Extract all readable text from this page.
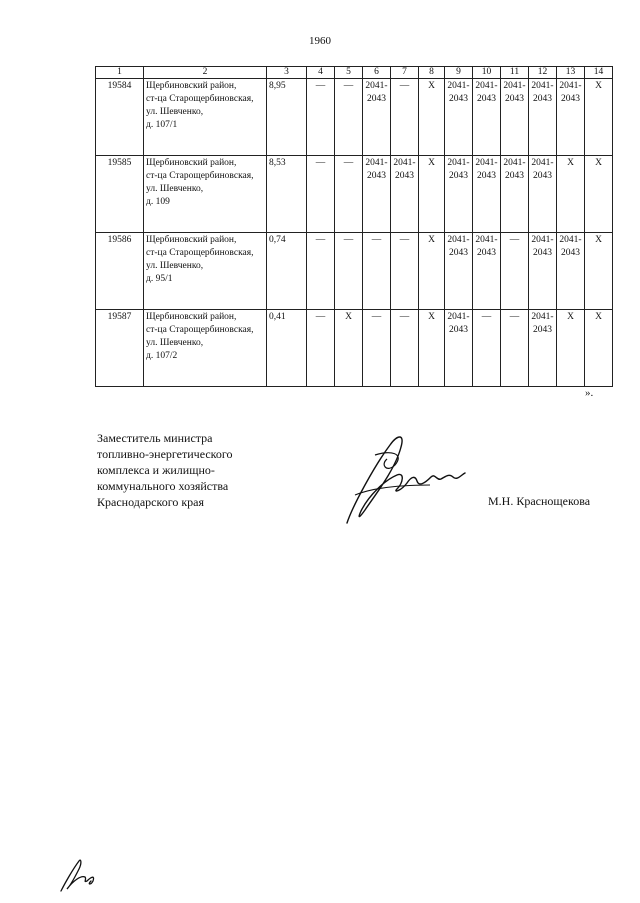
1960
1	2	3	4	5	6	7	8	9	10	11	12	13	14
19584	Щербиновский район,
ст-ца Старощербиновская,
ул. Шевченко,
д. 107/1	8,95	—	—	2041-
2043	—	X	2041-
2043	2041-
2043	2041-
2043	2041-
2043	2041-
2043	X

19585	Щербиновский район,
ст-ца Старощербиновская,
ул. Шевченко,
д. 109	8,53	—	—	2041-
2043	2041-
2043	X	2041-
2043	2041-
2043	2041-
2043	2041-
2043	X	X

19586	Щербиновский район,
ст-ца Старощербиновская,
ул. Шевченко,
д. 95/1	0,74	—	—	—	—	X	2041-
2043	2041-
2043	—	2041-
2043	2041-
2043	X

19587	Щербиновский район,
ст-ца Старощербиновская,
ул. Шевченко,
д. 107/2	0,41	—	X	—	—	X	2041-
2043	—	—	2041-
2043	X	X
».
Заместитель министра
топливно-энергетического
комплекса и жилищно-
коммунального хозяйства
Краснодарского края	М.Н. Краснощекова
